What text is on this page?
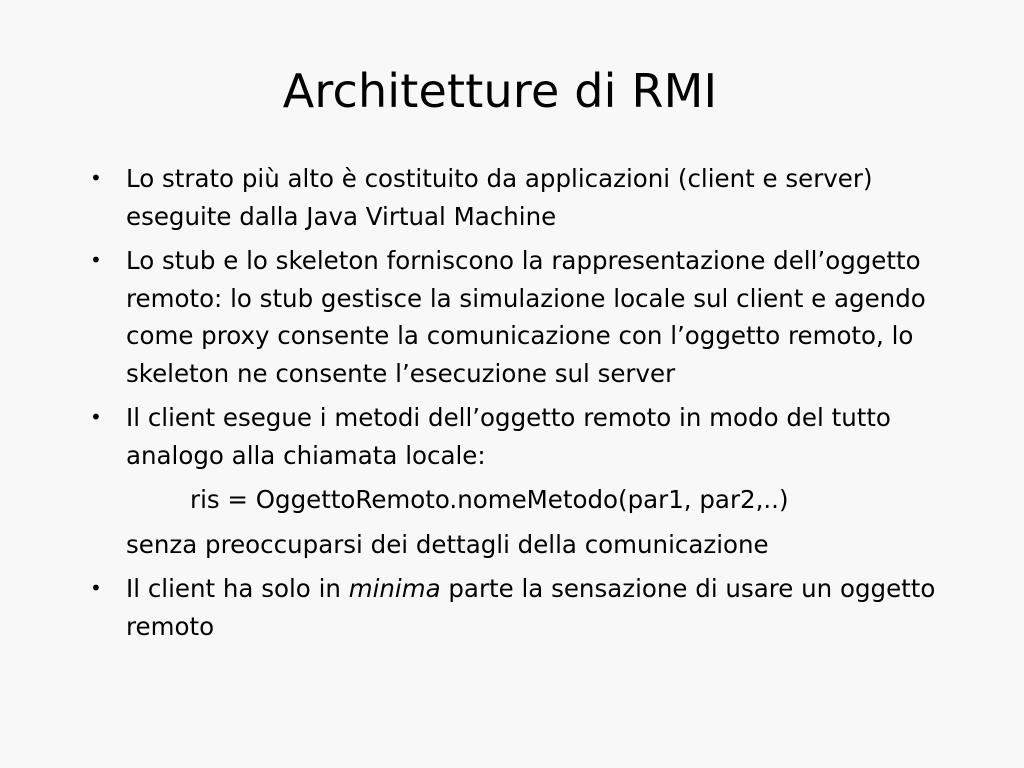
Architetture di RMI
• Lo strato più alto è costituito da applicazioni (client e server) eseguite dalla Java Virtual Machine
• Lo stub e lo skeleton forniscono la rappresentazione dell’oggetto remoto: lo stub gestisce la simulazione locale sul client e agendo come proxy consente la comunicazione con l’oggetto remoto, lo skeleton ne consente l’esecuzione sul server
• Il client esegue i metodi dell’oggetto remoto in modo del tutto analogo alla chiamata locale:
ris = OggettoRemoto.nomeMetodo(par1, par2,..)
senza preoccuparsi dei dettagli della comunicazione
• Il client ha solo in minima parte la sensazione di usare un oggetto remoto
